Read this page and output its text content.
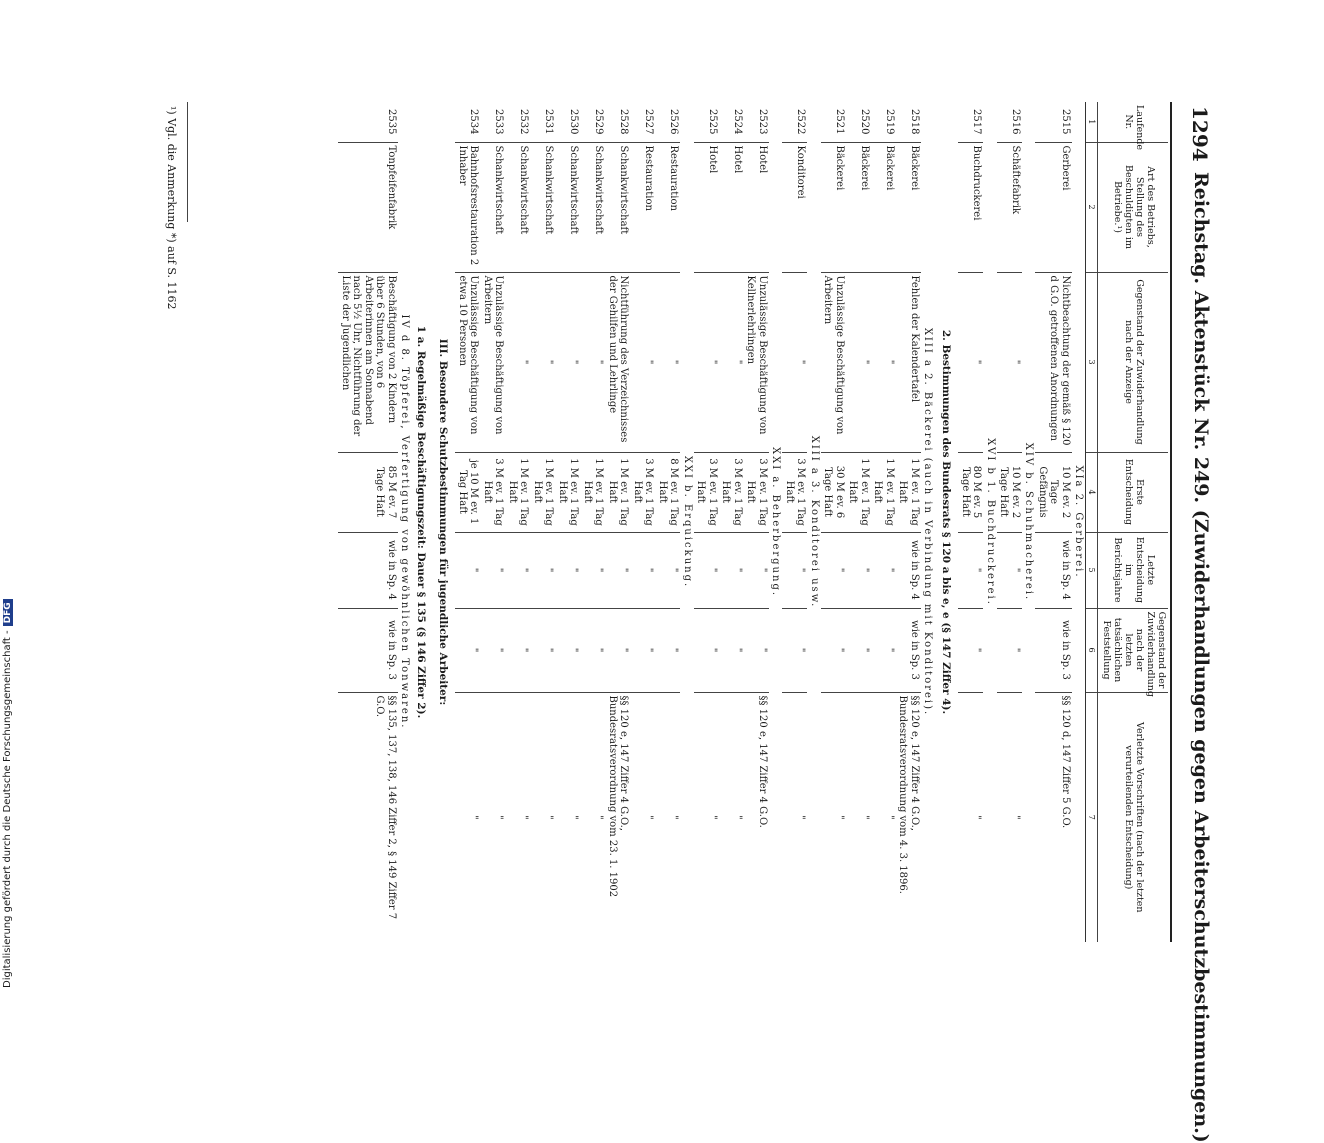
1294
Reichstag. Aktenstück Nr. 249. (Zuwiderhandlungen gegen Arbeiterschutzbestimmungen.)
Laufende Nr.	Art des Betriebs, Stellung des Beschuldigten im Betriebe.¹)	Gegenstand der Zuwiderhandlung nach der Anzeige	Erste Entscheidung	Letzte Entscheidung im Berichtsjahre	Gegenstand der Zuwiderhandlung nach der letzten tatsächlichen Feststellung	Verletzte Vorschriften (nach der letzten verurteilenden Entscheidung)
1	2	3	4	5	6	7
XIa 2. Gerberei.						
2515	Gerberei	Nichtbeachtung der gemäß § 120 d G.O. getroffenen Anordnungen	10 M ev. 2 Tage Gefängnis	wie in Sp. 4	wie in Sp. 3	§§ 120 d, 147 Ziffer 5 G.O.
XIV b. Schuhmacherei.						
2516	Schäftefabrik	"	10 M ev. 2 Tage Haft	"	"	"
XVI b 1. Buchdruckerei.						
2517	Buchdruckerei	"	80 M ev. 5 Tage Haft	"	"	"
2. Bestimmungen des Bundesrats § 120 a bis e, e (§ 147 Ziffer 4).						
XIII a 2. Bäckerei (auch in Verbindung mit Konditorei).						
2518	Bäckerei	Fehlen der Kalendertafel	1 M ev. 1 Tag Haft	wie in Sp. 4	wie in Sp. 3	§§ 120 e, 147 Ziffer 4 G.O., Bundesratsverordnung vom 4. 3. 1896.
2519	Bäckerei	"	1 M ev. 1 Tag Haft	"	"	"
2520	Bäckerei	"	1 M ev. 1 Tag Haft	"	"	"
2521	Bäckerei	Unzulässige Beschäftigung von Arbeitern	30 M ev. 6 Tage Haft	"	"	"
XIII a 3. Konditorei usw.						
2522	Konditorei	"	3 M ev. 1 Tag Haft	"	"	"
XXI a. Beherbergung.						
2523	Hotel	Unzulässige Beschäftigung von Kellnerlehrlingen	3 M ev. 1 Tag Haft	"	"	§§ 120 e, 147 Ziffer 4 G.O.
2524	Hotel	"	3 M ev. 1 Tag Haft	"	"	"
2525	Hotel	"	3 M ev. 1 Tag Haft	"	"	"
XXI b. Erquickung.						
2526	Restauration	"	8 M ev. 1 Tag Haft	"	"	"
2527	Restauration	"	3 M ev. 1 Tag Haft	"	"	"
2528	Schankwirtschaft	Nichtführung des Verzeichnisses der Gehilfen und Lehrlinge	1 M ev. 1 Tag Haft	"	"	§§ 120 e, 147 Ziffer 4 G.O., Bundesratsverordnung vom 23. 1. 1902
2529	Schankwirtschaft	"	1 M ev. 1 Tag Haft	"	"	"
2530	Schankwirtschaft	"	1 M ev. 1 Tag Haft	"	"	"
2531	Schankwirtschaft	"	1 M ev. 1 Tag Haft	"	"	"
2532	Schankwirtschaft	"	1 M ev. 1 Tag Haft	"	"	"
2533	Schankwirtschaft	Unzulässige Beschäftigung von Arbeitern	3 M ev. 1 Tag Haft	"	"	"
2534	Bahnhofsrestauration 2 Inhaber	Unzulässige Beschäftigung von etwa 10 Personen	je 10 M ev. 1 Tag Haft	"	"	"
III. Besondere Schutzbestimmungen für jugendliche Arbeiter:						
1 a. Regelmäßige Beschäftigungszeit: Dauer § 135 (§ 146 Ziffer 2).						
IV d 8. Töpferei, Verfertigung von gewöhnlichen Tonwaren.						
2535	Tonpfeifenfabrik	Beschäftigung von 2 Kindern über 6 Stunden, von 6 Arbeiterinnen am Sonnabend nach 5½ Uhr, Nichtführung der Liste der Jugendlichen	85 M ev. 7 Tage Haft	wie in Sp. 4	wie in Sp. 3	§§ 135, 137, 138, 146 Ziffer 2, § 149 Ziffer 7 G.O.
¹) Vgl. die Anmerkung *) auf S. 1162
Digitalisierung gefördert durch die Deutsche Forschungsgemeinschaft -
DFG
